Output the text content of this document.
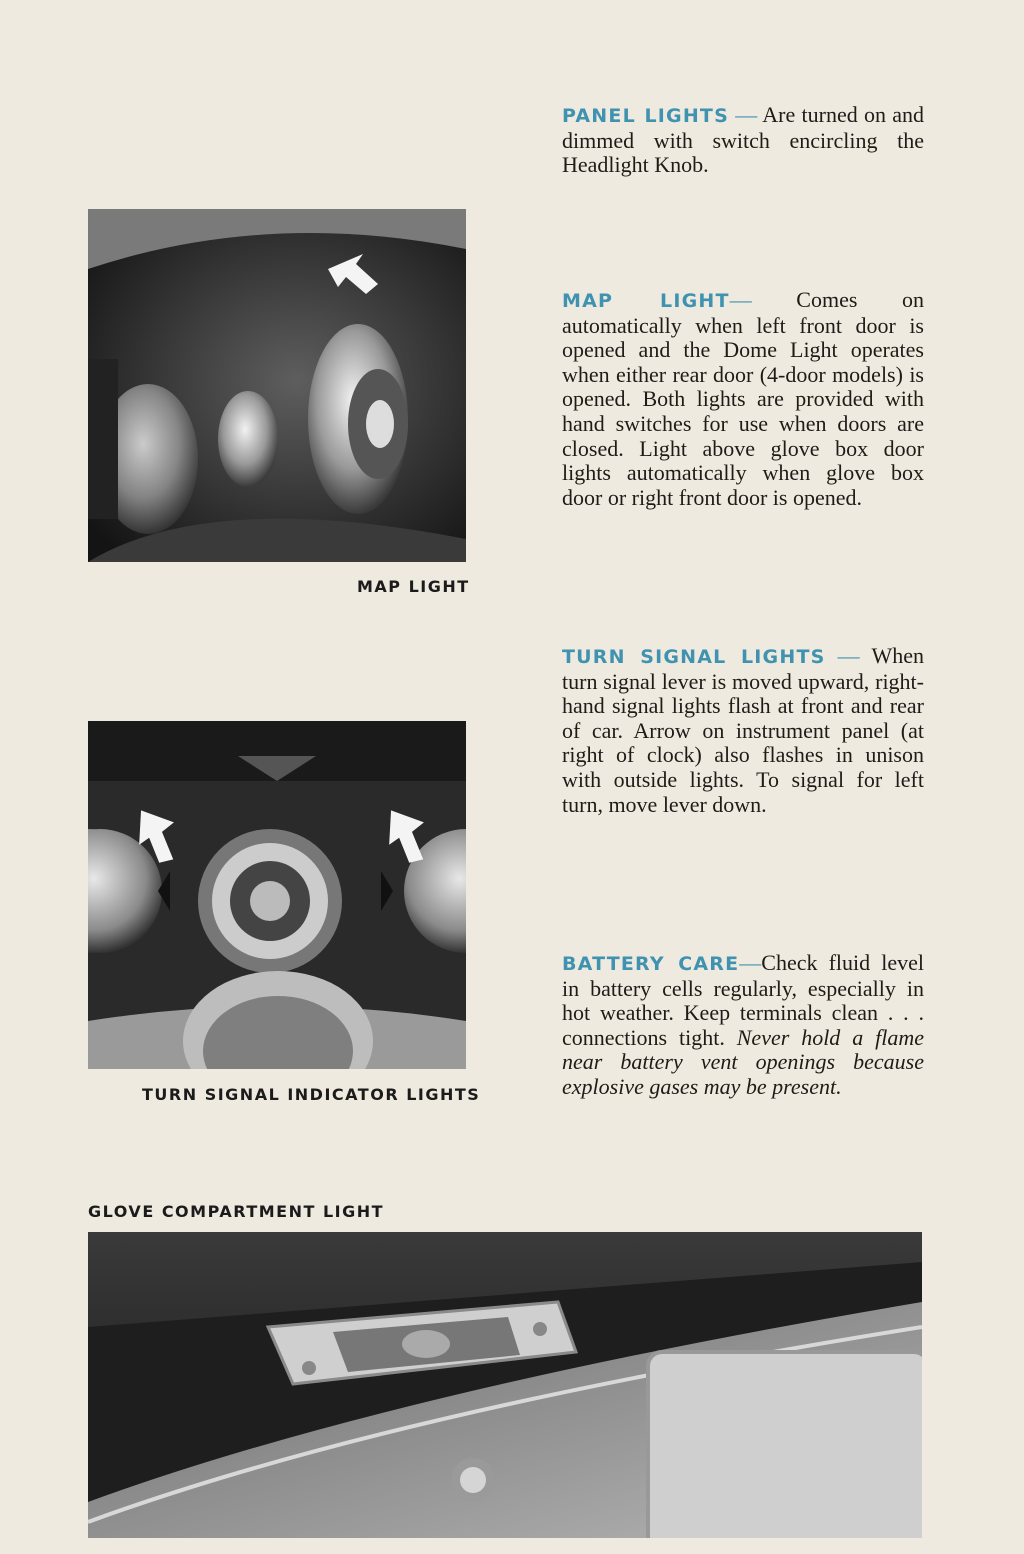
PANEL LIGHTS — Are turned on and dimmed with switch encircling the Headlight Knob.
MAP LIGHT— Comes on automatically when left front door is opened and the Dome Light operates when either rear door (4-door models) is opened. Both lights are provided with hand switches for use when doors are closed. Light above glove box door lights automatically when glove box door or right front door is opened.
TURN SIGNAL LIGHTS — When turn signal lever is moved upward, right-hand signal lights flash at front and rear of car. Arrow on instrument panel (at right of clock) also flashes in unison with outside lights. To signal for left turn, move lever down.
BATTERY CARE—Check fluid level in battery cells regularly, especially in hot weather. Keep terminals clean . . . connections tight. Never hold a flame near battery vent openings because explosive gases may be present.
MAP LIGHT
TURN SIGNAL INDICATOR LIGHTS
GLOVE COMPARTMENT LIGHT
